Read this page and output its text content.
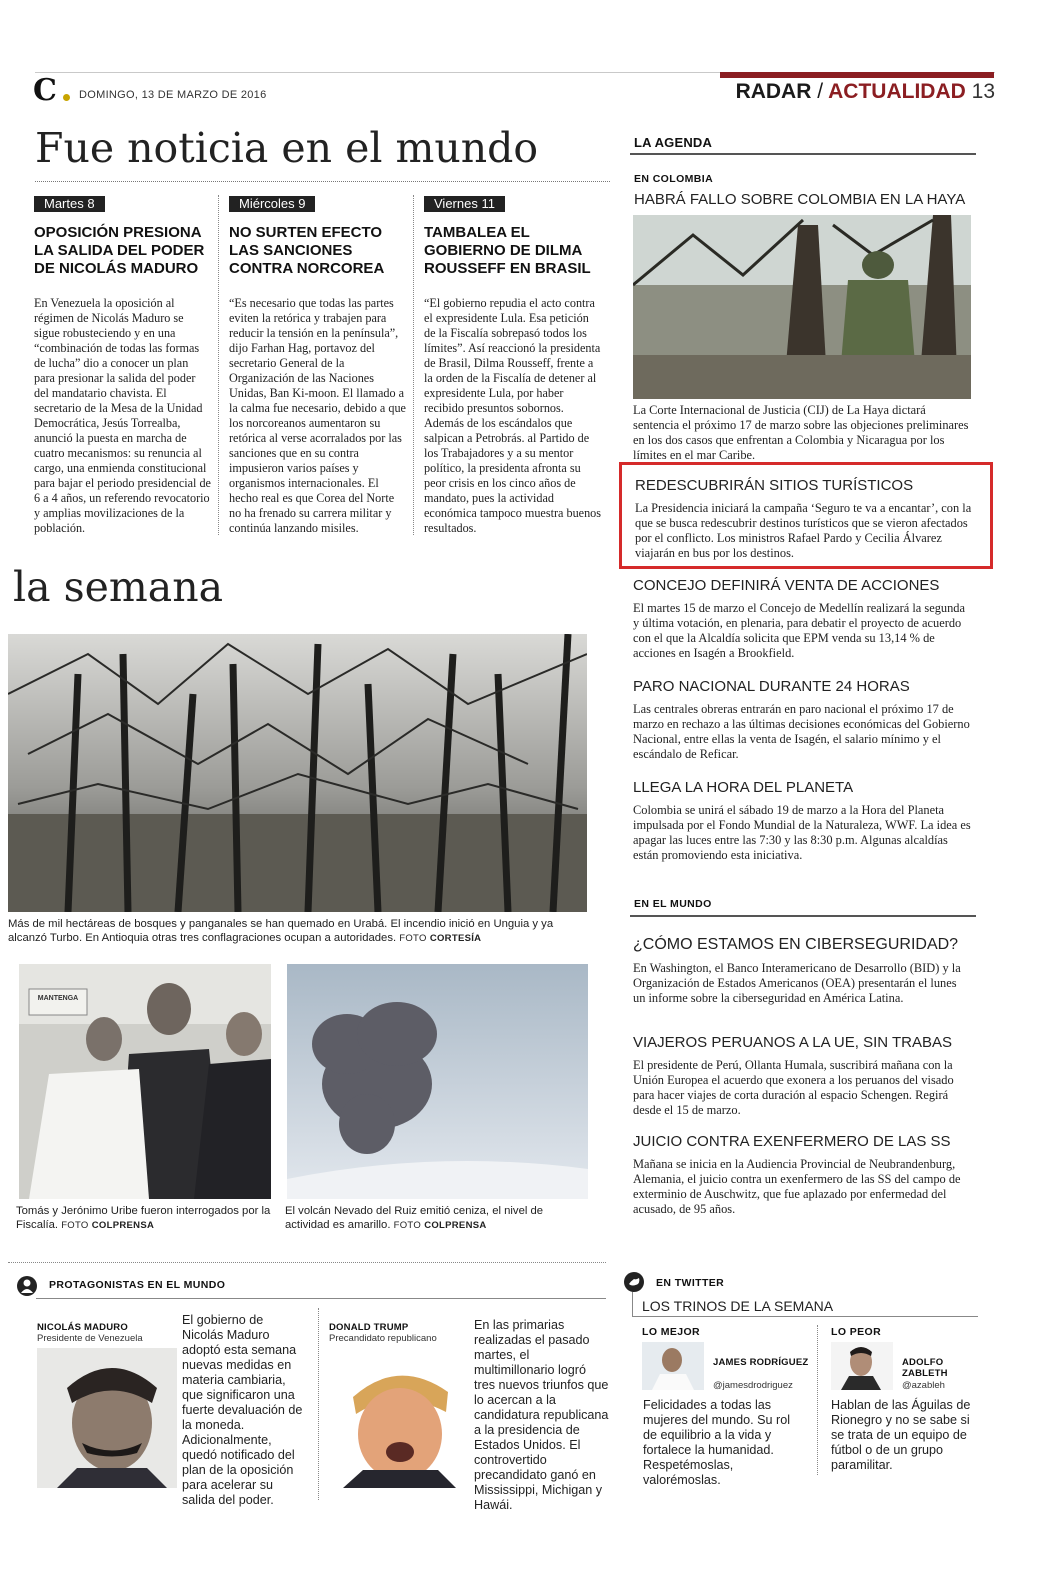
C	DOMINGO, 13 DE MARZO DE 2016	RADAR / ACTUALIDAD 13
Fue noticia en el mundo
Martes 8
OPOSICIÓN PRESIONA LA SALIDA DEL PODER DE NICOLÁS MADURO

En Venezuela la oposición al régimen de Nicolás Maduro se sigue robusteciendo y en una “combinación de todas las formas de lucha” dio a conocer un plan para presionar la salida del poder del mandatario chavista. El secretario de la Mesa de la Unidad Democrática, Jesús Torrealba, anunció la puesta en marcha de cuatro mecanismos: su renuncia al cargo, una enmienda constitucional para bajar el periodo presidencial de 6 a 4 años, un referendo revocatorio y amplias movilizaciones de la población.

Miércoles 9
NO SURTEN EFECTO LAS SANCIONES CONTRA NORCOREA

“Es necesario que todas las partes eviten la retórica y trabajen para reducir la tensión en la península”, dijo Farhan Hag, portavoz del secretario General de la Organización de las Naciones Unidas, Ban Ki-moon. El llamado a la calma fue necesario, debido a que los norcoreanos aumentaron su retórica al verse acorralados por las sanciones que en su contra impusieron varios países y organismos internacionales. El hecho real es que Corea del Norte no ha frenado su carrera militar y continúa lanzando misiles.

Viernes 11
TAMBALEA EL GOBIERNO DE DILMA ROUSSEFF EN BRASIL

“El gobierno repudia el acto contra el expresidente Lula. Esa petición de la Fiscalía sobrepasó todos los límites”. Así reaccionó la presidenta de Brasil, Dilma Rousseff, frente a la orden de la Fiscalía de detener al expresidente Lula, por haber recibido presuntos sobornos. Además de los escándalos que salpican a Petrobrás. al Partido de los Trabajadores y a su mentor político, la presidenta afronta su peor crisis en los cinco años de mandato, pues la actividad económica tampoco muestra buenos resultados.

la semana
Más de mil hectáreas de bosques y panganales se han quemado en Urabá. El incendio inició en Unguia y ya alcanzó Turbo. En Antioquia otras tres conflagraciones ocupan a autoridades. FOTO CORTESÍA
MANTENGA
Tomás y Jerónimo Uribe fueron interrogados por la Fiscalía. FOTO COLPRENSA
El volcán Nevado del Ruiz emitió ceniza, el nivel de actividad es amarillo. FOTO COLPRENSA
LA AGENDA
EN COLOMBIA
HABRÁ FALLO SOBRE COLOMBIA EN LA HAYA
La Corte Internacional de Justicia (CIJ) de La Haya dictará sentencia el próximo 17 de marzo sobre las objeciones preliminares en los dos casos que enfrentan a Colombia y Nicaragua por los límites en el mar Caribe.
REDESCUBRIRÁN SITIOS TURÍSTICOS
La Presidencia iniciará la campaña ‘Seguro te va a encantar’, con la que se busca redescubrir destinos turísticos que se vieron afectados por el conflicto. Los ministros Rafael Pardo y Cecilia Álvarez viajarán en bus por los destinos.
CONCEJO DEFINIRÁ VENTA DE ACCIONES
El martes 15 de marzo el Concejo de Medellín realizará la segunda y última votación, en plenaria, para debatir el proyecto de acuerdo con el que la Alcaldía solicita que EPM venda su 13,14 % de acciones en Isagén a Brookfield.
PARO NACIONAL DURANTE 24 HORAS
Las centrales obreras entrarán en paro nacional el próximo 17 de marzo en rechazo a las últimas decisiones económicas del Gobierno Nacional, entre ellas la venta de Isagén, el salario mínimo y el escándalo de Reficar.
LLEGA LA HORA DEL PLANETA
Colombia se unirá el sábado 19 de marzo a la Hora del Planeta impulsada por el Fondo Mundial de la Naturaleza, WWF. La idea es apagar las luces entre las 7:30 y las 8:30 p.m. Algunas alcaldías están promoviendo esta iniciativa.
EN EL MUNDO
¿CÓMO ESTAMOS EN CIBERSEGURIDAD?
En Washington, el Banco Interamericano de Desarrollo (BID) y la Organización de Estados Americanos (OEA) presentarán el lunes un informe sobre la ciberseguridad en América Latina.
VIAJEROS PERUANOS A LA UE, SIN TRABAS
El presidente de Perú, Ollanta Humala, suscribirá mañana con la Unión Europea el acuerdo que exonera a los peruanos del visado para hacer viajes de corta duración al espacio Schengen. Regirá desde el 15 de marzo.
JUICIO CONTRA EXENFERMERO DE LAS SS
Mañana se inicia en la Audiencia Provincial de Neubrandenburg, Alemania, el juicio contra un exenfermero de las SS del campo de exterminio de Auschwitz, que fue aplazado por enfermedad del acusado, de 95 años.
PROTAGONISTAS EN EL MUNDO
NICOLÁS MADURO
Presidente de Venezuela
El gobierno de Nicolás Maduro adoptó esta semana nuevas medidas en materia cambiaria, que significaron una fuerte devaluación de la moneda. Adicionalmente, quedó notificado del plan de la oposición para acelerar su salida del poder.
DONALD TRUMP
Precandidato republicano
En las primarias realizadas el pasado martes, el multimillonario logró tres nuevos triunfos que lo acercan a la candidatura republicana a la presidencia de Estados Unidos. El controvertido precandidato ganó en Mississippi, Michigan y Hawái.
EN TWITTER
LOS TRINOS DE LA SEMANA
LO MEJOR
JAMES RODRÍGUEZ
@jamesdrodriguez
Felicidades a todas las mujeres del mundo. Su rol de equilibrio a la vida y fortalece la humanidad. Respetémoslas, valorémoslas.
LO PEOR
ADOLFO ZABLETH
@azableh
Hablan de las Águilas de Rionegro y no se sabe si se trata de un equipo de fútbol o de un grupo paramilitar.
